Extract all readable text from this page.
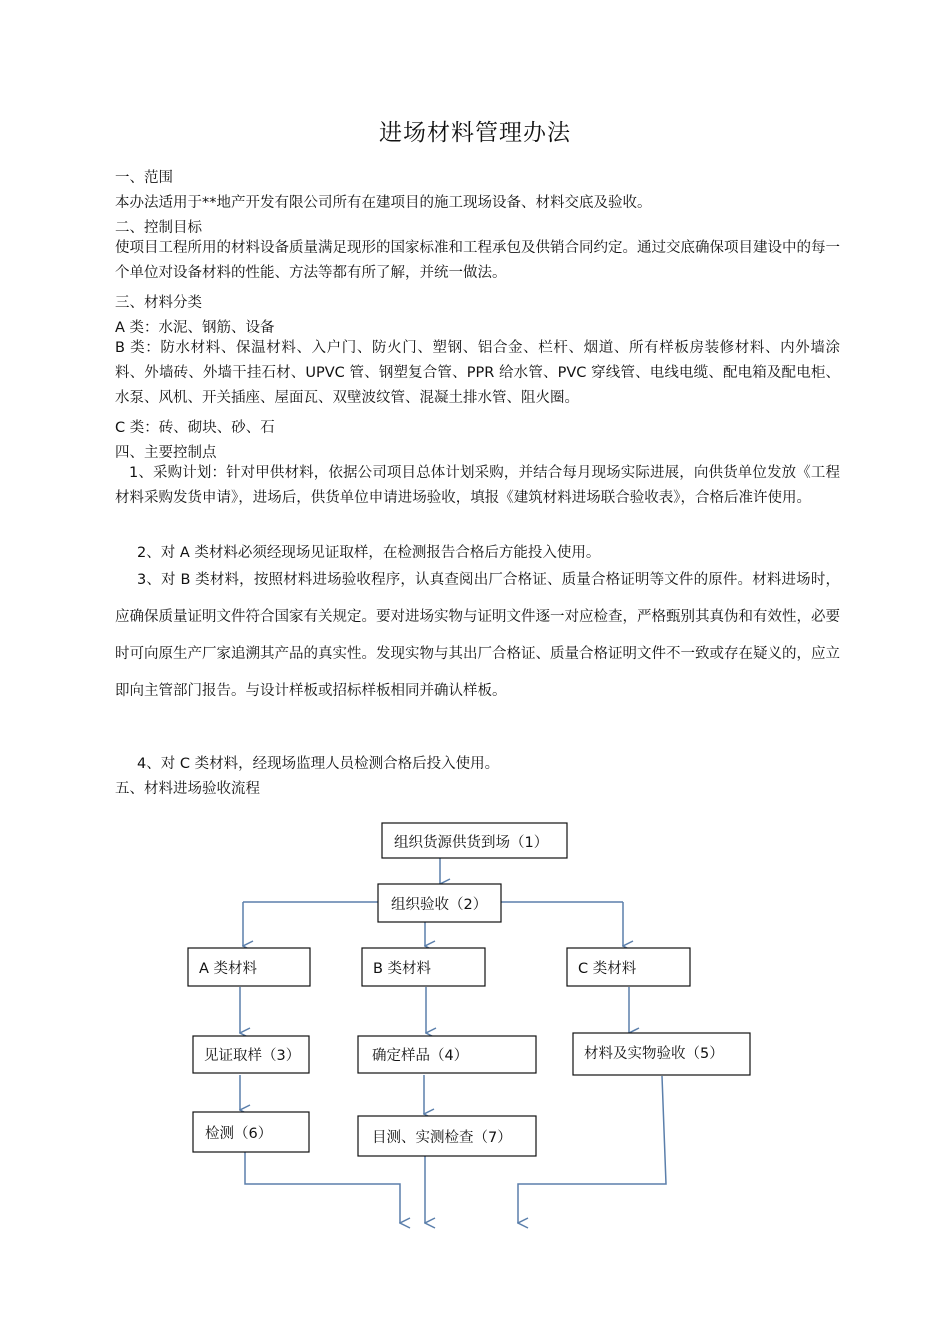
进场材料管理办法
一、范围
本办法适用于**地产开发有限公司所有在建项目的施工现场设备、材料交底及验收。
二、控制目标
使项目工程所用的材料设备质量满足现形的国家标准和工程承包及供销合同约定。通过交底确保项目建设中的每一个单位对设备材料的性能、方法等都有所了解，并统一做法。
三、材料分类
A 类：水泥、钢筋、设备
B 类：防水材料、保温材料、入户门、防火门、塑钢、铝合金、栏杆、烟道、所有样板房装修材料、内外墙涂料、外墙砖、外墙干挂石材、UPVC 管、钢塑复合管、PPR 给水管、PVC 穿线管、电线电缆、配电箱及配电柜、水泵、风机、开关插座、屋面瓦、双壁波纹管、混凝土排水管、阻火圈。
C 类：砖、砌块、砂、石
四、主要控制点
1、采购计划：针对甲供材料，依据公司项目总体计划采购，并结合每月现场实际进展，向供货单位发放《工程材料采购发货申请》，进场后，供货单位申请进场验收，填报《建筑材料进场联合验收表》，合格后准许使用。
2、对 A 类材料必须经现场见证取样，在检测报告合格后方能投入使用。
3、对 B 类材料，按照材料进场验收程序，认真查阅出厂合格证、质量合格证明等文件的原件。材料进场时，应确保质量证明文件符合国家有关规定。要对进场实物与证明文件逐一对应检查，严格甄别其真伪和有效性，必要时可向原生产厂家追溯其产品的真实性。发现实物与其出厂合格证、质量合格证明文件不一致或存在疑义的，应立即向主管部门报告。与设计样板或招标样板相同并确认样板。
4、对 C 类材料，经现场监理人员检测合格后投入使用。
五、材料进场验收流程
组织货源供货到场（1）
组织验收（2）
A 类材料	B 类材料	C 类材料
见证取样（3）	确定样品（4）	材料及实物验收（5）
检测（6）	目测、实测检查（7）
